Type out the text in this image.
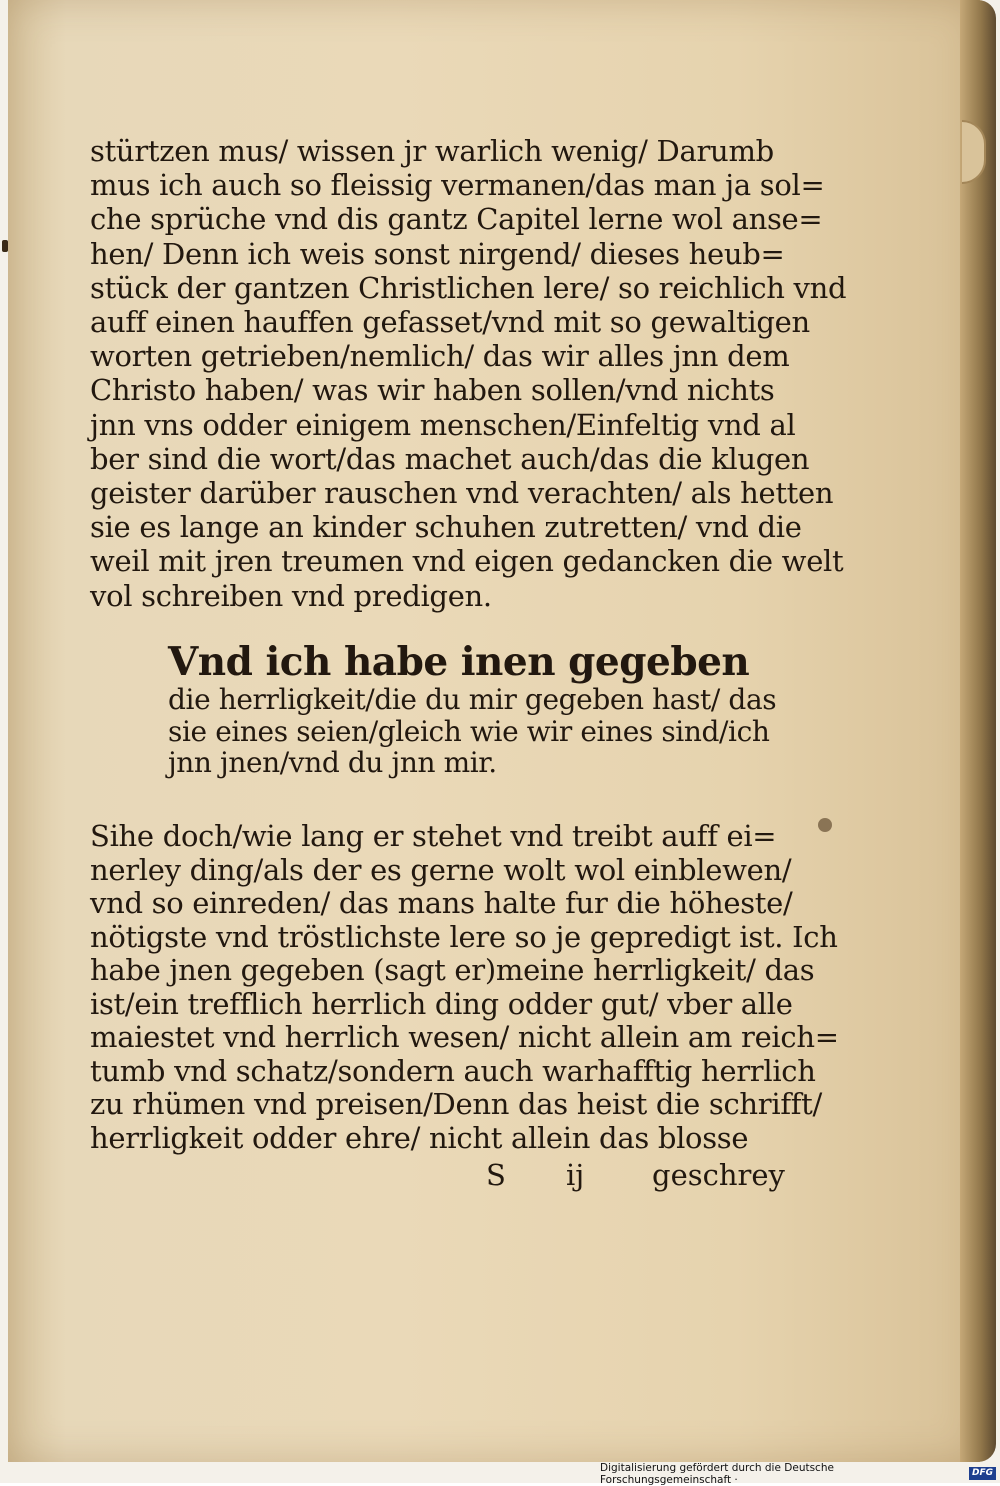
stürtzen mus/ wissen jr warlich wenig/ Darumb
mus ich auch so fleissig vermanen/das man ja sol=
che sprüche vnd dis gantz Capitel lerne wol anse=
hen/ Denn ich weis sonst nirgend/ dieses heub=
stück der gantzen Christlichen lere/ so reichlich vnd
auff einen hauffen gefasset/vnd mit so gewaltigen
worten getrieben/nemlich/ das wir alles jnn dem
Christo haben/ was wir haben sollen/vnd nichts
jnn vns odder einigem menschen/Einfeltig vnd al
ber sind die wort/das machet auch/das die klugen
geister darüber rauschen vnd verachten/ als hetten
sie es lange an kinder schuhen zutretten/ vnd die
weil mit jren treumen vnd eigen gedancken die welt
vol schreiben vnd predigen.
Vnd ich habe inen gegeben
die herrligkeit/die du mir gegeben hast/ das
sie eines seien/gleich wie wir eines sind/ich
jnn jnen/vnd du jnn mir.
Sihe doch/wie lang er stehet vnd treibt auff ei=
nerley ding/als der es gerne wolt wol einblewen/
vnd so einreden/ das mans halte fur die höheste/
nötigste vnd tröstlichste lere so je gepredigt ist. Ich
habe jnen gegeben (sagt er)meine herrligkeit/ das
ist/ein trefflich herrlich ding odder gut/ vber alle
maiestet vnd herrlich wesen/ nicht allein am reich=
tumb vnd schatz/sondern auch warhafftig herrlich
zu rhümen vnd preisen/Denn das heist die schrifft/
herrligkeit odder ehre/ nicht allein das blosse
S ij geschrey
Digitalisierung gefördert durch die Deutsche Forschungsgemeinschaft ·
DFG
